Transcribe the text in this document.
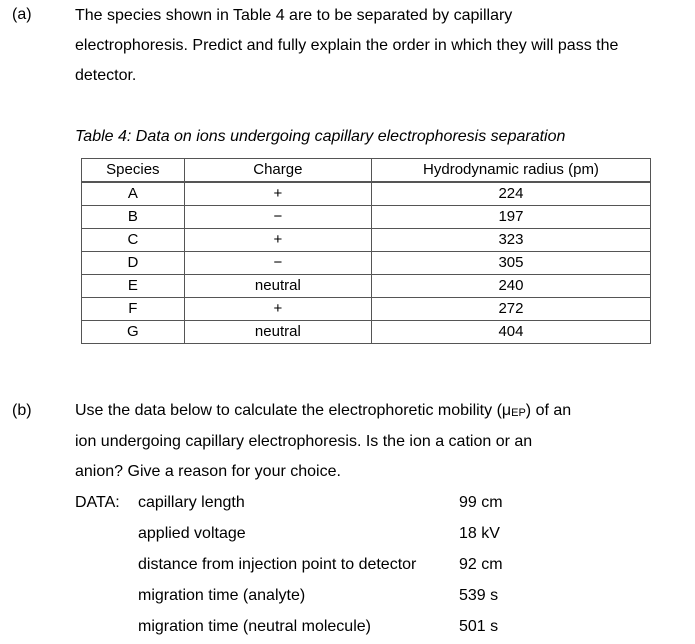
(a)	The species shown in Table 4 are to be separated by capillary
electrophoresis. Predict and fully explain the order in which they will pass the
detector.
Table 4: Data on ions undergoing capillary electrophoresis separation
Species	Charge	Hydrodynamic radius (pm)
A	+	224
B	−	197
C	+	323
D	−	305
E	neutral	240
F	+	272
G	neutral	404
(b)	Use the data below to calculate the electrophoretic mobility $(\mu_{EP})$ of an
ion undergoing capillary electrophoresis. Is the ion a cation or an
anion? Give a reason for your choice.
DATA: capillary length	99 cm
applied voltage	18 kV
distance from injection point to detector	92 cm
migration time (analyte)	539 s
migration time (neutral molecule)	501 s
